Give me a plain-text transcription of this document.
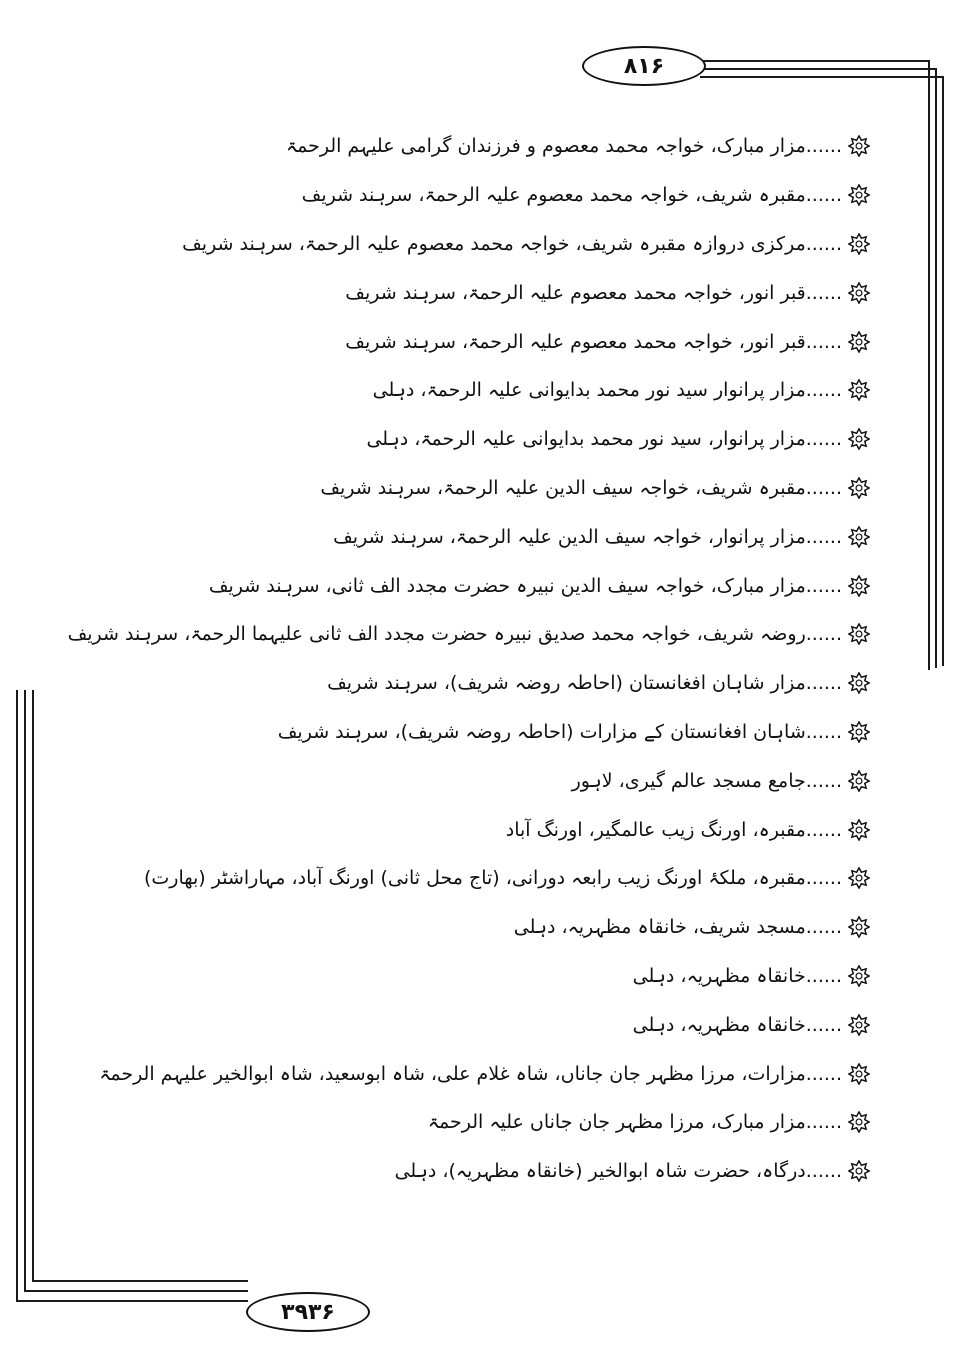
۸۱۶
......مزار مبارک، خواجہ محمد معصوم و فرزندان گرامی علیہم الرحمۃ
......مقبرہ شریف، خواجہ محمد معصوم علیہ الرحمۃ، سرہند شریف
......مرکزی دروازہ مقبرہ شریف، خواجہ محمد معصوم علیہ الرحمۃ، سرہند شریف
......قبر انور، خواجہ محمد معصوم علیہ الرحمۃ، سرہند شریف
......قبر انور، خواجہ محمد معصوم علیہ الرحمۃ، سرہند شریف
......مزار پرانوار سید نور محمد بدایوانی علیہ الرحمۃ، دہلی
......مزار پرانوار، سید نور محمد بدایوانی علیہ الرحمۃ، دہلی
......مقبرہ شریف، خواجہ سیف الدین علیہ الرحمۃ، سرہند شریف
......مزار پرانوار، خواجہ سیف الدین علیہ الرحمۃ، سرہند شریف
......مزار مبارک، خواجہ سیف الدین نبیرہ حضرت مجدد الف ثانی، سرہند شریف
......روضہ شریف، خواجہ محمد صدیق نبیرہ حضرت مجدد الف ثانی علیہما الرحمۃ، سرہند شریف
......مزار شاہان افغانستان (احاطہ روضہ شریف)، سرہند شریف
......شاہان افغانستان کے مزارات (احاطہ روضہ شریف)، سرہند شریف
......جامع مسجد عالم گیری، لاہور
......مقبرہ، اورنگ زیب عالمگیر، اورنگ آباد
......مقبرہ، ملکۂ اورنگ زیب رابعہ دورانی، (تاج محل ثانی) اورنگ آباد، مہاراشٹر (بھارت)
......مسجد شریف، خانقاہ مظہریہ، دہلی
......خانقاہ مظہریہ، دہلی
......خانقاہ مظہریہ، دہلی
......مزارات، مرزا مظہر جان جاناں، شاہ غلام علی، شاہ ابوسعید، شاہ ابوالخیر علیہم الرحمۃ
......مزار مبارک، مرزا مظہر جان جاناں علیہ الرحمۃ
......درگاہ، حضرت شاہ ابوالخیر (خانقاہ مظہریہ)، دہلی
۳۹۳۶
